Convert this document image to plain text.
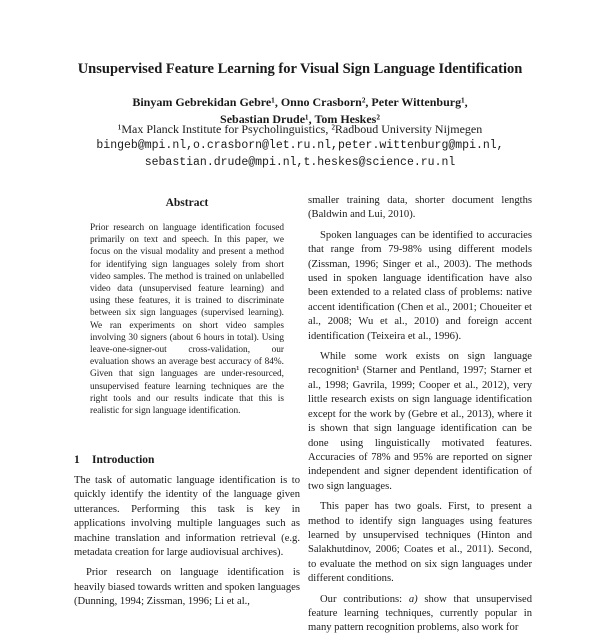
Unsupervised Feature Learning for Visual Sign Language Identification
Binyam Gebrekidan Gebre¹, Onno Crasborn², Peter Wittenburg¹,
Sebastian Drude¹, Tom Heskes²
¹Max Planck Institute for Psycholinguistics, ²Radboud University Nijmegen
bingeb@mpi.nl,o.crasborn@let.ru.nl,peter.wittenburg@mpi.nl,
sebastian.drude@mpi.nl,t.heskes@science.ru.nl
Abstract
Prior research on language identification focused primarily on text and speech. In this paper, we focus on the visual modality and present a method for identifying sign languages solely from short video samples. The method is trained on unlabelled video data (unsupervised feature learning) and using these features, it is trained to discriminate between six sign languages (supervised learning). We ran experiments on short video samples involving 30 signers (about 6 hours in total). Using leave-one-signer-out cross-validation, our evaluation shows an average best accuracy of 84%. Given that sign languages are under-resourced, unsupervised feature learning techniques are the right tools and our results indicate that this is realistic for sign language identification.
1 Introduction

The task of automatic language identification is to quickly identify the identity of the language given utterances. Performing this task is key in applications involving multiple languages such as machine translation and information retrieval (e.g. metadata creation for large audiovisual archives).

Prior research on language identification is heavily biased towards written and spoken languages (Dunning, 1994; Zissman, 1996; Li et al.,

smaller training data, shorter document lengths (Baldwin and Lui, 2010).

Spoken languages can be identified to accuracies that range from 79-98% using different models (Zissman, 1996; Singer et al., 2003). The methods used in spoken language identification have also been extended to a related class of problems: native accent identification (Chen et al., 2001; Choueiter et al., 2008; Wu et al., 2010) and foreign accent identification (Teixeira et al., 1996).

While some work exists on sign language recognition¹ (Starner and Pentland, 1997; Starner et al., 1998; Gavrila, 1999; Cooper et al., 2012), very little research exists on sign language identification except for the work by (Gebre et al., 2013), where it is shown that sign language identification can be done using linguistically motivated features. Accuracies of 78% and 95% are reported on signer independent and signer dependent identification of two sign languages.

This paper has two goals. First, to present a method to identify sign languages using features learned by unsupervised techniques (Hinton and Salakhutdinov, 2006; Coates et al., 2011). Second, to evaluate the method on six sign languages under different conditions.

Our contributions: a) show that unsupervised feature learning techniques, currently popular in many pattern recognition problems, also work for
